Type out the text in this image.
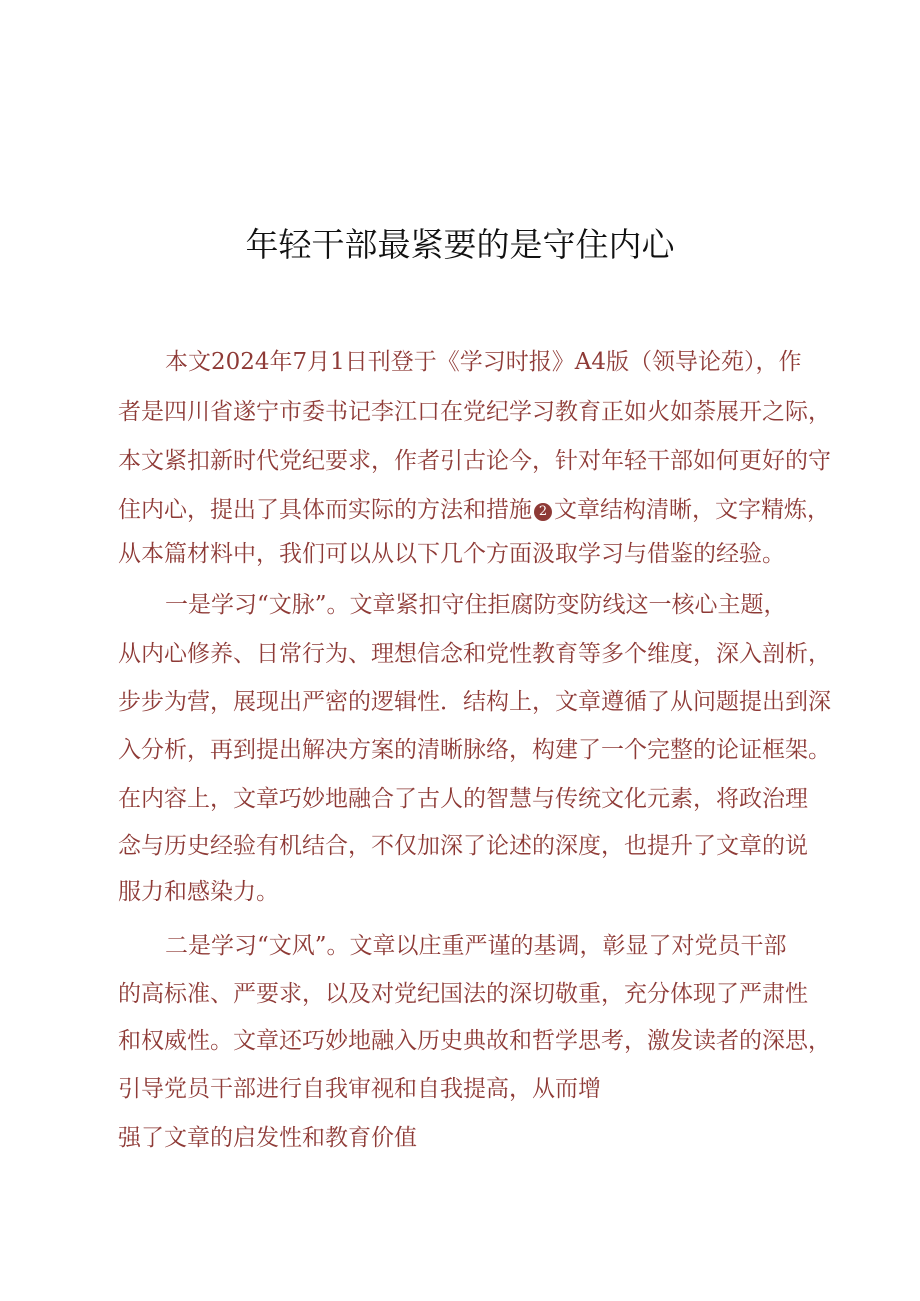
年轻干部最紧要的是守住内心
本文2024年7月1日刊登于《学习时报》A4版（领导论苑），作
者是四川省遂宁市委书记李江口在党纪学习教育正如火如荼展开之际，
本文紧扣新时代党纪要求，作者引古论今，针对年轻干部如何更好的守
住内心，提出了具体而实际的方法和措施 2 文章结构清晰，文字精炼，
从本篇材料中，我们可以从以下几个方面汲取学习与借鉴的经验。
一是学习“文脉”。文章紧扣守住拒腐防变防线这一核心主题，
从内心修养、日常行为、理想信念和党性教育等多个维度，深入剖析，
步步为营，展现出严密的逻辑性．结构上，文章遵循了从问题提出到深
入分析，再到提出解决方案的清晰脉络，构建了一个完整的论证框架。
在内容上，文章巧妙地融合了古人的智慧与传统文化元素，将政治理
念与历史经验有机结合，不仅加深了论述的深度，也提升了文章的说
服力和感染力。
二是学习“文风”。文章以庄重严谨的基调，彰显了对党员干部
的高标准、严要求，以及对党纪国法的深切敬重，充分体现了严肃性
和权威性。文章还巧妙地融入历史典故和哲学思考，激发读者的深思，
引导党员干部进行自我审视和自我提高，从而增
强了文章的启发性和教育价值
